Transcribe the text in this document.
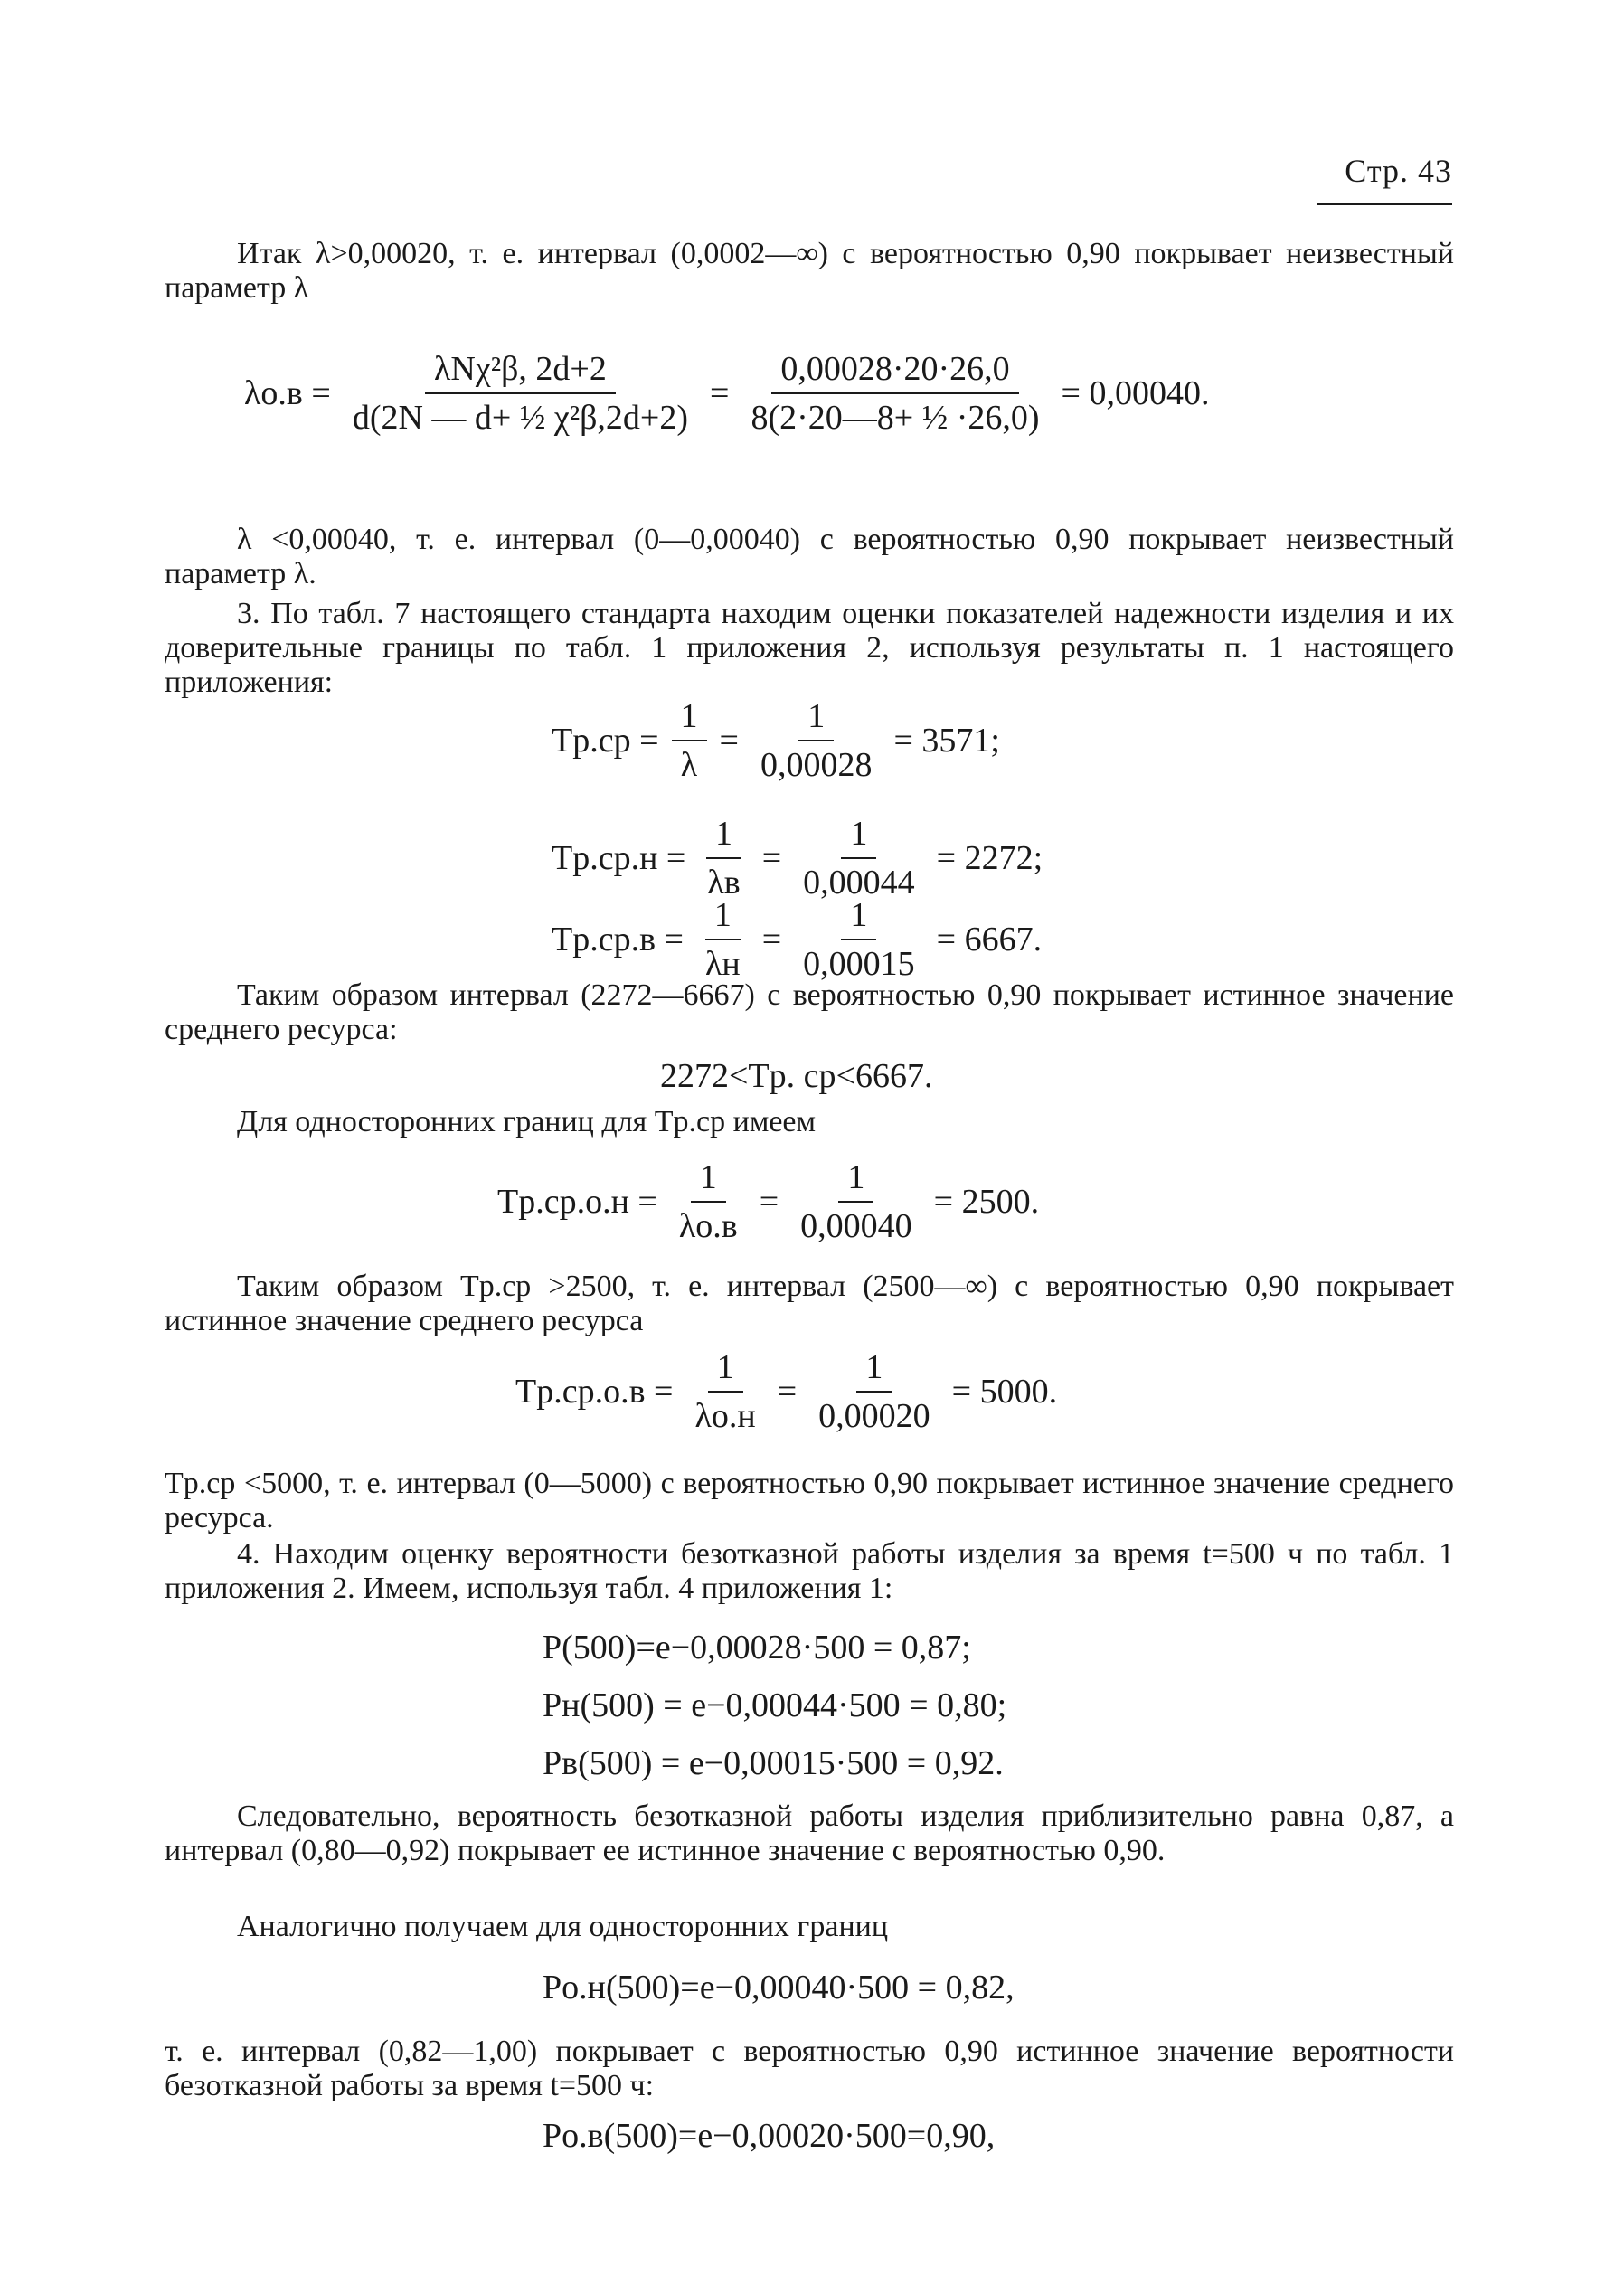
Стр. 43
Итак λ>0,00020, т. е. интервал (0,0002—∞) с вероятностью 0,90 покрывает неизвестный параметр λ
$\lambda о.в = \frac{\text{λNχ²β, 2d+2}}{\text{d(2N — d+ ½ χ²β,2d+2)}} = \frac{0,00028\cdot 20\cdot 26,0}{\text{8(2·20—8+ ½ ·26,0)}} = 0,00040$.
λ <0,00040, т. е. интервал (0—0,00040) с вероятностью 0,90 покрывает неизвестный параметр λ.
3. По табл. 7 настоящего стандарта находим оценки показателей надежности изделия и их доверительные границы по табл. 1 приложения 2, используя результаты п. 1 настоящего приложения:
$Tр.ср = \frac{1}{\lambda} = \frac{1}{0,00028} = 3571$;
$Tр.ср.н = \frac{1}{\lambda в} = \frac{1}{0,00044} = 2272$;
$Tр.ср.в = \frac{1}{\lambda н} = \frac{1}{0,00015} = 6667$.
Таким образом интервал (2272—6667) с вероятностью 0,90 покрывает истинное значение среднего ресурса:
2272<Tр. ср<6667.
Для односторонних границ для Tр.ср имеем
$Tр.ср.о.н = \frac{1}{\lambda о.в} = \frac{1}{0,00040} = 2500$.
Таким образом Tр.ср >2500, т. е. интервал (2500—∞) с вероятностью 0,90 покрывает истинное значение среднего ресурса
$Tр.ср.о.в = \frac{1}{\lambda о.н} = \frac{1}{0,00020} = 5000$.
Tр.ср <5000, т. е. интервал (0—5000) с вероятностью 0,90 покрывает истинное значение среднего ресурса.
4. Находим оценку вероятности безотказной работы изделия за время t=500 ч по табл. 1 приложения 2. Имеем, используя табл. 4 приложения 1:
P(500)=e−0,00028·500 = 0,87;
Pн(500) = e−0,00044·500 = 0,80;
Pв(500) = e−0,00015·500 = 0,92.
Следовательно, вероятность безотказной работы изделия приблизительно равна 0,87, а интервал (0,80—0,92) покрывает ее истинное значение с вероятностью 0,90.
Аналогично получаем для односторонних границ
Pо.н(500)=e−0,00040·500 = 0,82,
т. е. интервал (0,82—1,00) покрывает с вероятностью 0,90 истинное значение вероятности безотказной работы за время t=500 ч:
Pо.в(500)=e−0,00020·500=0,90,
